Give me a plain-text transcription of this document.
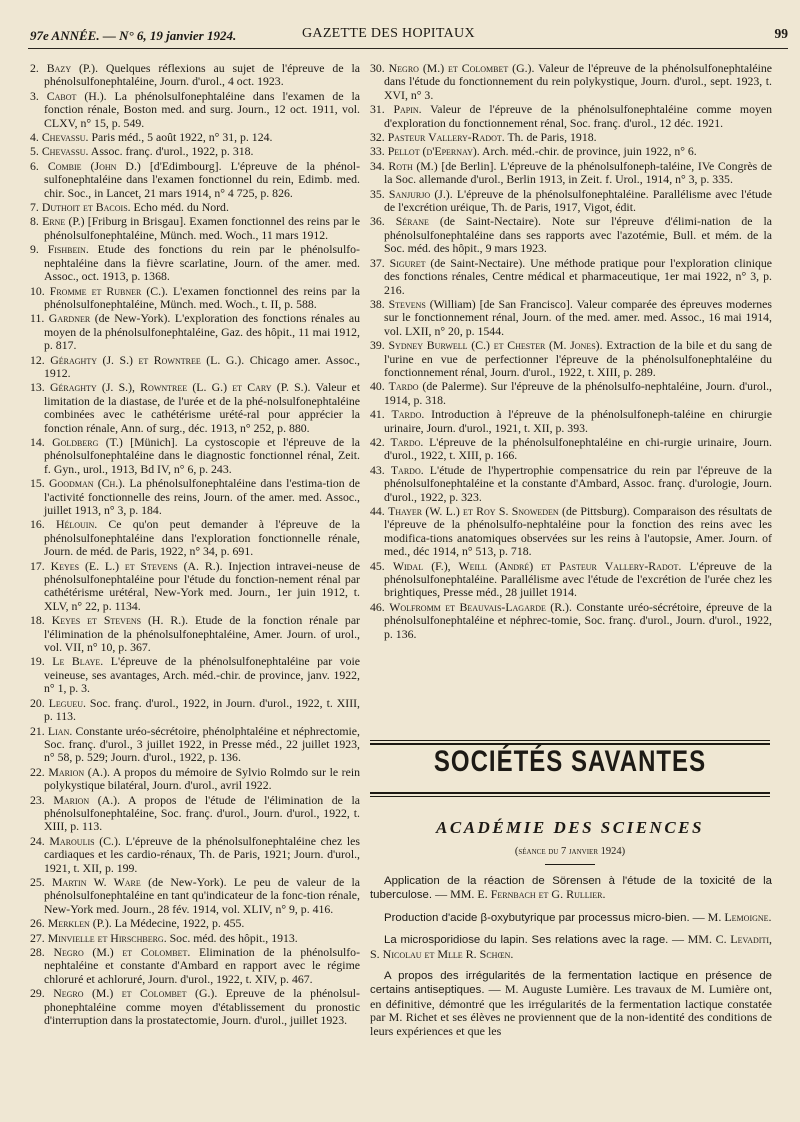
97e ANNÉE. — N° 6, 19 janvier 1924.	GAZETTE DES HOPITAUX	99

2. Bazy (P.). Quelques réflexions au sujet de l'épreuve de la phénolsulfonephtaléine, Journ. d'urol., 4 oct. 1923.

3. Cabot (H.). La phénolsulfonephtaléine dans l'examen de la fonction rénale, Boston med. and surg. Journ., 12 oct. 1911, vol. CLXV, n° 15, p. 549.

4. Chevassu. Paris méd., 5 août 1922, n° 31, p. 124.

5. Chevassu. Assoc. franç. d'urol., 1922, p. 318.

6. Combie (John D.) [d'Edimbourg]. L'épreuve de la phénol-sulfonephtaléine dans l'examen fonctionnel du rein, Edimb. med. chir. Soc., in Lancet, 21 mars 1914, n° 4 725, p. 826.

7. Duthoit et Bacois. Echo méd. du Nord.

8. Erne (P.) [Friburg in Brisgau]. Examen fonctionnel des reins par le phénolsulfonephtaléine, Münch. med. Woch., 11 mars 1912.

9. Fishbein. Etude des fonctions du rein par le phénolsulfo-nephtaléine dans la fièvre scarlatine, Journ. of the amer. med. Assoc., oct. 1913, p. 1368.

10. Fromme et Rubner (C.). L'examen fonctionnel des reins par la phénolsulfonephtaléine, Münch. med. Woch., t. II, p. 588.

11. Gardner (de New-York). L'exploration des fonctions rénales au moyen de la phénolsulfonephtaléine, Gaz. des hôpit., 11 mai 1912, p. 817.

12. Géraghty (J. S.) et Rowntree (L. G.). Chicago amer. Assoc., 1912.

13. Géraghty (J. S.), Rowntree (L. G.) et Cary (P. S.). Valeur et limitation de la diastase, de l'urée et de la phé-nolsulfonephtaléine combinées avec le cathétérisme urété-ral pour apprécier la fonction rénale, Ann. of surg., déc. 1913, n° 252, p. 880.

14. Goldberg (T.) [Münich]. La cystoscopie et l'épreuve de la phénolsulfonephtaléine dans le diagnostic fonctionnel rénal, Zeit. f. Gyn., urol., 1913, Bd IV, n° 6, p. 243.

15. Goodman (Ch.). La phénolsulfonephtaléine dans l'estima-tion de l'activité fonctionnelle des reins, Journ. of the amer. med. Assoc., juillet 1913, n° 3, p. 184.

16. Hélouin. Ce qu'on peut demander à l'épreuve de la phénolsulfonephtaléine dans l'exploration fonctionnelle rénale, Journ. de méd. de Paris, 1922, n° 34, p. 691.

17. Keyes (E. L.) et Stevens (A. R.). Injection intravei-neuse de phénolsulfonephtaléine pour l'étude du fonction-nement rénal par cathétérisme urétéral, New-York med. Journ., 1er juin 1912, t. XLV, n° 22, p. 1134.

18. Keyes et Stevens (H. R.). Etude de la fonction rénale par l'élimination de la phénolsulfonephtaléine, Amer. Journ. of urol., vol. VII, n° 10, p. 367.

19. Le Blaye. L'épreuve de la phénolsulfonephtaléine par voie veineuse, ses avantages, Arch. méd.-chir. de province, janv. 1922, n° 1, p. 3.

20. Legueu. Soc. franç. d'urol., 1922, in Journ. d'urol., 1922, t. XIII, p. 113.

21. Lian. Constante uréo-sécrétoire, phénolphtaléine et néphrectomie, Soc. franç. d'urol., 3 juillet 1922, in Presse méd., 22 juillet 1923, n° 58, p. 529; Journ. d'urol., 1922, p. 136.

22. Marion (A.). A propos du mémoire de Sylvio Rolmdo sur le rein polykystique bilatéral, Journ. d'urol., avril 1922.

23. Marion (A.). A propos de l'étude de l'élimination de la phénolsulfonephtaléine, Soc. franç. d'urol., Journ. d'urol., 1922, t. XIII, p. 113.

24. Maroulis (C.). L'épreuve de la phénolsulfonephtaléine chez les cardiaques et les cardio-rénaux, Th. de Paris, 1921; Journ. d'urol., 1921, t. XII, p. 199.

25. Martin W. Ware (de New-York). Le peu de valeur de la phénolsulfonephtaléine en tant qu'indicateur de la fonc-tion rénale, New-York med. Journ., 28 fév. 1914, vol. XLIV, n° 9, p. 416.

26. Merklen (P.). La Médecine, 1922, p. 455.

27. Minvielle et Hirschberg. Soc. méd. des hôpit., 1913.

28. Negro (M.) et Colombet. Elimination de la phénolsulfo-nephtaléine et constante d'Ambard en rapport avec le régime chloruré et achloruré, Journ. d'urol., 1922, t. XIV, p. 467.

29. Negro (M.) et Colombet (G.). Epreuve de la phénolsul-phonephtaléine comme moyen d'établissement du pronostic d'interruption dans la prostatectomie, Journ. d'urol., juillet 1923.

30. Negro (M.) et Colombet (G.). Valeur de l'épreuve de la phénolsulfonephtaléine dans l'étude du fonctionnement du rein polykystique, Journ. d'urol., sept. 1923, t. XVI, n° 3.

31. Papin. Valeur de l'épreuve de la phénolsulfonephtaléine comme moyen d'exploration du fonctionnement rénal, Soc. franç. d'urol., 12 déc. 1921.

32. Pasteur Vallery-Radot. Th. de Paris, 1918.

33. Pellot (d'Epernay). Arch. méd.-chir. de province, juin 1922, n° 6.

34. Roth (M.) [de Berlin]. L'épreuve de la phénolsulfoneph-taléine, IVe Congrès de la Soc. allemande d'urol., Berlin 1913, in Zeit. f. Urol., 1914, n° 3, p. 335.

35. Sanjurjo (J.). L'épreuve de la phénolsulfonephtaléine. Parallélisme avec l'étude de l'excrétion uréique, Th. de Paris, 1917, Vigot, édit.

36. Sérane (de Saint-Nectaire). Note sur l'épreuve d'élimi-nation de la phénolsulfonephtaléine dans ses rapports avec l'azotémie, Bull. et mém. de la Soc. méd. des hôpit., 9 mars 1923.

37. Siguret (de Saint-Nectaire). Une méthode pratique pour l'exploration clinique des fonctions rénales, Centre médical et pharmaceutique, 1er mai 1922, n° 3, p. 216.

38. Stevens (William) [de San Francisco]. Valeur comparée des épreuves modernes sur le fonctionnement rénal, Journ. of the med. amer. med. Assoc., 16 mai 1914, vol. LXII, n° 20, p. 1544.

39. Sydney Burwell (C.) et Chester (M. Jones). Extraction de la bile et du sang de l'urine en vue de perfectionner l'épreuve de la phénolsulfonephtaléine du fonctionnement rénal, Journ. d'urol., 1922, t. XIII, p. 289.

40. Tardo (de Palerme). Sur l'épreuve de la phénolsulfo-nephtaléine, Journ. d'urol., 1914, p. 318.

41. Tardo. Introduction à l'épreuve de la phénolsulfoneph-taléine en chirurgie urinaire, Journ. d'urol., 1921, t. XII, p. 393.

42. Tardo. L'épreuve de la phénolsulfonephtaléine en chi-rurgie urinaire, Journ. d'urol., 1922, t. XIII, p. 166.

43. Tardo. L'étude de l'hypertrophie compensatrice du rein par l'épreuve de la phénolsulfonephtaléine et la constante d'Ambard, Assoc. franç. d'urologie, Journ. d'urol., 1922, p. 323.

44. Thayer (W. L.) et Roy S. Snoweden (de Pittsburg). Comparaison des résultats de l'épreuve de la phénolsulfo-nephtaléine pour la fonction des reins avec les modifica-tions anatomiques observées sur les reins à l'autopsie, Amer. Journ. of med., déc 1914, n° 513, p. 718.

45. Widal (F.), Weill (André) et Pasteur Vallery-Radot. L'épreuve de la phénolsulfonephtaléine. Parallélisme avec l'étude de l'excrétion de l'urée chez les brightiques, Presse méd., 28 juillet 1914.

46. Wolfromm et Beauvais-Lagarde (R.). Constante uréo-sécrétoire, épreuve de la phénolsulfonephtaléine et néphrec-tomie, Soc. franç. d'urol., Journ. d'urol., 1922, p. 136.

SOCIÉTÉS SAVANTES
ACADÉMIE DES SCIENCES
(séance du 7 janvier 1924)

Application de la réaction de Sörensen à l'étude de la toxicité de la tuberculose. — MM. E. Fernbach et G. Rullier.

Production d'acide β-oxybutyrique par processus micro-bien. — M. Lemoigne.

La microsporidiose du lapin. Ses relations avec la rage. — MM. C. Levaditi, S. Nicolau et Mlle R. Schœn.

A propos des irrégularités de la fermentation lactique en présence de certains antiseptiques. — M. Auguste Lumière. Les travaux de M. Lumière ont, en définitive, démontré que les irrégularités de la fermentation lactique constatée par M. Richet et ses élèves ne proviennent que de la non-identité des conditions de leurs expériences et que les
